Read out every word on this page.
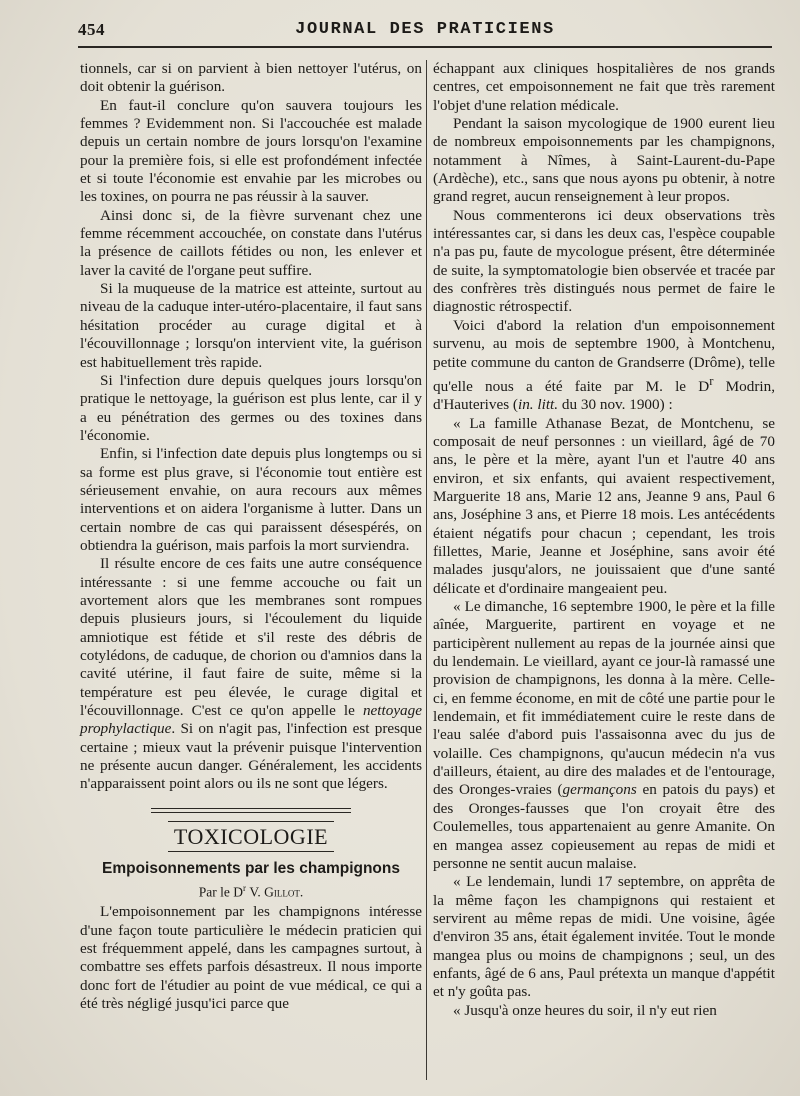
454	JOURNAL DES PRATICIENS

tionnels, car si on parvient à bien nettoyer l'utérus, on doit obtenir la guérison.

En faut-il conclure qu'on sauvera toujours les femmes ? Evidemment non. Si l'accouchée est malade depuis un certain nombre de jours lorsqu'on l'examine pour la première fois, si elle est profondément infectée et si toute l'économie est envahie par les microbes ou les toxines, on pourra ne pas réussir à la sauver.

Ainsi donc si, de la fièvre survenant chez une femme récemment accouchée, on constate dans l'utérus la présence de caillots fétides ou non, les enlever et laver la cavité de l'organe peut suffire.

Si la muqueuse de la matrice est atteinte, surtout au niveau de la caduque inter-utéro-placentaire, il faut sans hésitation procéder au curage digital et à l'écouvillonnage ; lorsqu'on intervient vite, la guérison est habituellement très rapide.

Si l'infection dure depuis quelques jours lorsqu'on pratique le nettoyage, la guérison est plus lente, car il y a eu pénétration des germes ou des toxines dans l'économie.

Enfin, si l'infection date depuis plus longtemps ou si sa forme est plus grave, si l'économie tout entière est sérieusement envahie, on aura recours aux mêmes interventions et on aidera l'organisme à lutter. Dans un certain nombre de cas qui paraissent désespérés, on obtiendra la guérison, mais parfois la mort surviendra.

Il résulte encore de ces faits une autre conséquence intéressante : si une femme accouche ou fait un avortement alors que les membranes sont rompues depuis plusieurs jours, si l'écoulement du liquide amniotique est fétide et s'il reste des débris de cotylédons, de caduque, de chorion ou d'amnios dans la cavité utérine, il faut faire de suite, même si la température est peu élevée, le curage digital et l'écouvillonnage. C'est ce qu'on appelle le nettoyage prophylactique. Si on n'agit pas, l'infection est presque certaine ; mieux vaut la prévenir puisque l'intervention ne présente aucun danger. Généralement, les accidents n'apparaissent point alors ou ils ne sont que légers.

TOXICOLOGIE
Empoisonnements par les champignons
Par le $D^r$ V. Gillot.

L'empoisonnement par les champignons intéresse d'une façon toute particulière le médecin praticien qui est fréquemment appelé, dans les campagnes surtout, à combattre ses effets parfois désastreux. Il nous importe donc fort de l'étudier au point de vue médical, ce qui a été très négligé jusqu'ici parce que

échappant aux cliniques hospitalières de nos grands centres, cet empoisonnement ne fait que très rarement l'objet d'une relation médicale.

Pendant la saison mycologique de 1900 eurent lieu de nombreux empoisonnements par les champignons, notamment à Nîmes, à Saint-Laurent-du-Pape (Ardèche), etc., sans que nous ayons pu obtenir, à notre grand regret, aucun renseignement à leur propos.

Nous commenterons ici deux observations très intéressantes car, si dans les deux cas, l'espèce coupable n'a pas pu, faute de mycologue présent, être déterminée de suite, la symptomatologie bien observée et tracée par des confrères très distingués nous permet de faire le diagnostic rétrospectif.

Voici d'abord la relation d'un empoisonnement survenu, au mois de septembre 1900, à Montchenu, petite commune du canton de Grandserre (Drôme), telle qu'elle nous a été faite par M. le $D^r$ Modrin, d'Hauterives (in. litt. du 30 nov. 1900) :

« La famille Athanase Bezat, de Montchenu, se composait de neuf personnes : un vieillard, âgé de 70 ans, le père et la mère, ayant l'un et l'autre 40 ans environ, et six enfants, qui avaient respectivement, Marguerite 18 ans, Marie 12 ans, Jeanne 9 ans, Paul 6 ans, Joséphine 3 ans, et Pierre 18 mois. Les antécédents étaient négatifs pour chacun ; cependant, les trois fillettes, Marie, Jeanne et Joséphine, sans avoir été malades jusqu'alors, ne jouissaient que d'une santé délicate et d'ordinaire mangeaient peu.

« Le dimanche, 16 septembre 1900, le père et la fille aînée, Marguerite, partirent en voyage et ne participèrent nullement au repas de la journée ainsi que du lendemain. Le vieillard, ayant ce jour-là ramassé une provision de champignons, les donna à la mère. Celle-ci, en femme économe, en mit de côté une partie pour le lendemain, et fit immédiatement cuire le reste dans de l'eau salée d'abord puis l'assaisonna avec du jus de volaille. Ces champignons, qu'aucun médecin n'a vus d'ailleurs, étaient, au dire des malades et de l'entourage, des Oronges-vraies (germançons en patois du pays) et des Oronges-fausses que l'on croyait être des Coulemelles, tous appartenaient au genre Amanite. On en mangea assez copieusement au repas de midi et personne ne sentit aucun malaise.

« Le lendemain, lundi 17 septembre, on apprêta de la même façon les champignons qui restaient et servirent au même repas de midi. Une voisine, âgée d'environ 35 ans, était également invitée. Tout le monde mangea plus ou moins de champignons ; seul, un des enfants, âgé de 6 ans, Paul prétexta un manque d'appétit et n'y goûta pas.

« Jusqu'à onze heures du soir, il n'y eut rien
